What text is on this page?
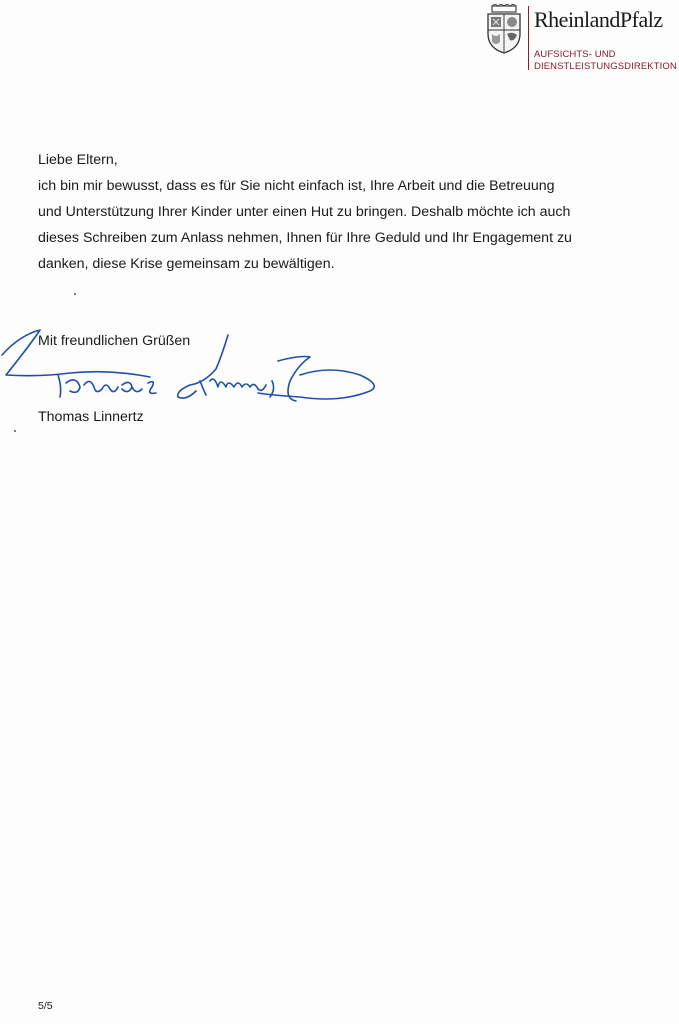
RheinlandPfalz
AUFSICHTS- UND
DIENSTLEISTUNGSDIREKTION

Liebe Eltern,

ich bin mir bewusst, dass es für Sie nicht einfach ist, Ihre Arbeit und die Betreuung

und Unterstützung Ihrer Kinder unter einen Hut zu bringen. Deshalb möchte ich auch

dieses Schreiben zum Anlass nehmen, Ihnen für Ihre Geduld und Ihr Engagement zu

danken, diese Krise gemeinsam zu bewältigen.

Mit freundlichen Grüßen
Thomas Linnertz
5/5
